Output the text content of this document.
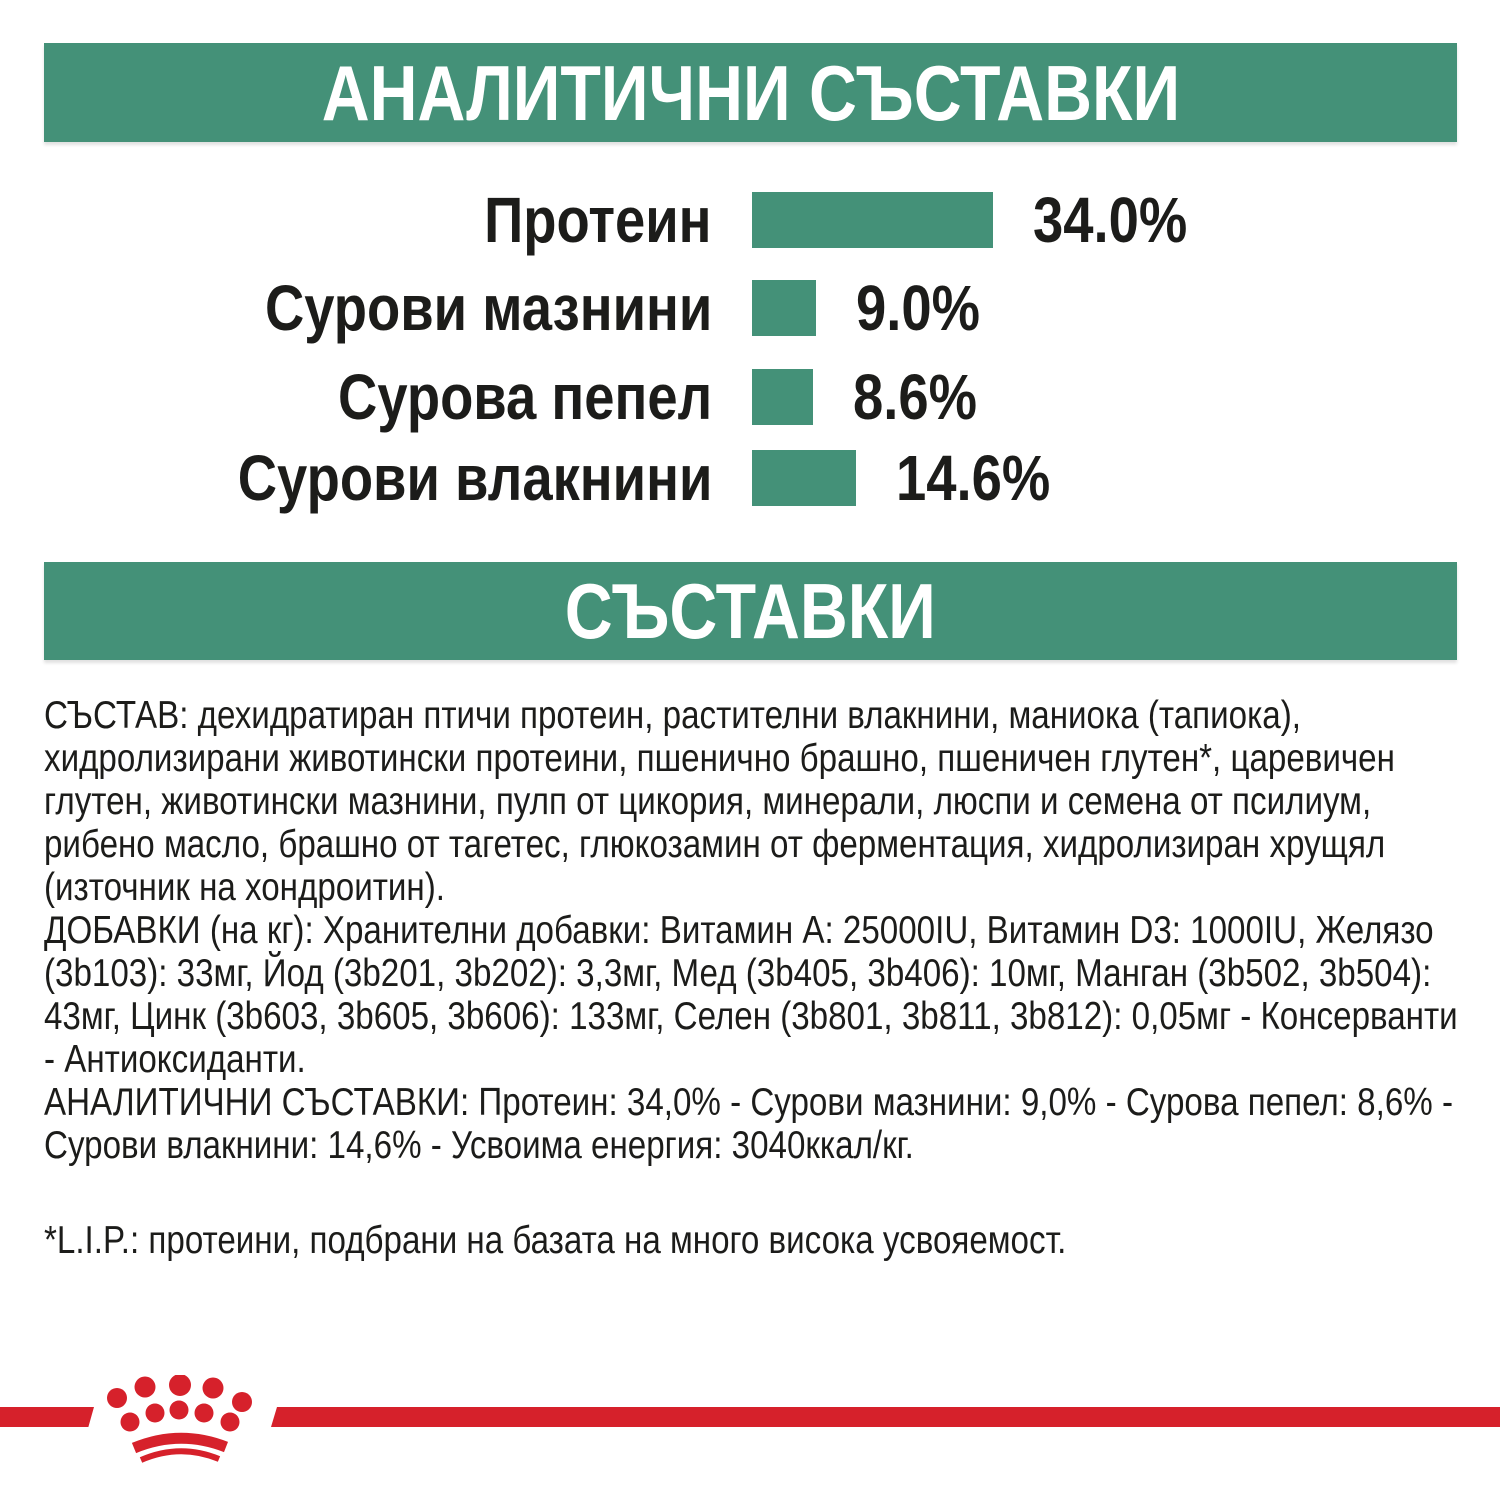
АНАЛИТИЧНИ СЪСТАВКИ
Протеин	34.0%
Сурови мазнини 9.0%
Сурова пепел 8.6%
Сурови влакнини	14.6%
СЪСТАВКИ

СЪСТАВ: дехидратиран птичи протеин, растителни влакнини, маниока (тапиока), хидролизирани животински протеини, пшенично брашно, пшеничен глутен*, царевичен глутен, животински мазнини, пулп от цикория, минерали, люспи и семена от псилиум, рибено масло, брашно от тагетес, глюкозамин от ферментация, хидролизиран хрущял (източник на хондроитин).

ДОБАВКИ (на кг): Хранителни добавки: Витамин A: 25000IU, Витамин D3: 1000IU, Желязо (3b103): 33мг, Йод (3b201, 3b202): 3,3мг, Мед (3b405, 3b406): 10мг, Манган (3b502, 3b504): 43мг, Цинк (3b603, 3b605, 3b606): 133мг, Селен (3b801, 3b811, 3b812): 0,05мг - Консерванти - Антиоксиданти.

АНАЛИТИЧНИ СЪСТАВКИ: Протеин: 34,0% - Сурови мазнини: 9,0% - Сурова пепел: 8,6% - Сурови влакнини: 14,6% - Усвоима енергия: 3040ккал/кг.

*L.I.P.: протеини, подбрани на базата на много висока усвояемост.
